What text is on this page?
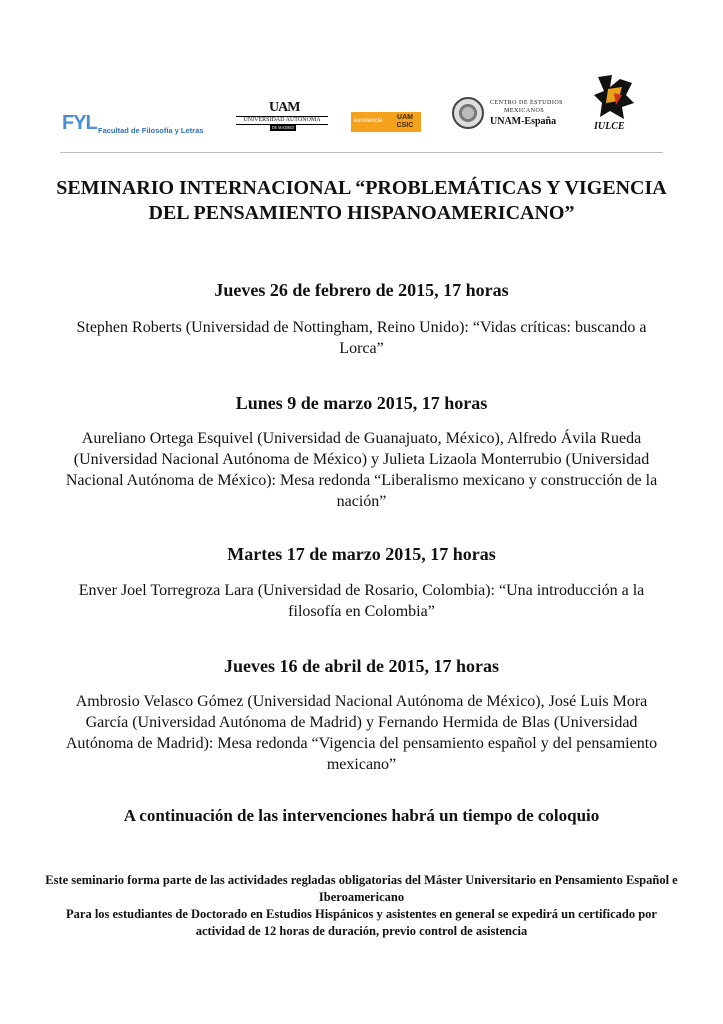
FYL Facultad de Filosofía y Letras
UAM
UNIVERSIDAD AUTONOMA
DE MADRID
excelencia	UAM CSIC
CENTRO DE ESTUDIOS
MEXICANOS
UNAM-España	IULCE
SEMINARIO INTERNACIONAL “PROBLEMÁTICAS Y VIGENCIA DEL PENSAMIENTO HISPANOAMERICANO”
Jueves 26 de febrero de 2015, 17 horas
Stephen Roberts (Universidad de Nottingham, Reino Unido): “Vidas críticas: buscando a Lorca”
Lunes 9 de marzo 2015, 17 horas
Aureliano Ortega Esquivel (Universidad de Guanajuato, México), Alfredo Ávila Rueda (Universidad Nacional Autónoma de México) y Julieta Lizaola Monterrubio (Universidad Nacional Autónoma de México): Mesa redonda “Liberalismo mexicano y construcción de la nación”
Martes 17 de marzo 2015, 17 horas
Enver Joel Torregroza Lara (Universidad de Rosario, Colombia): “Una introducción a la filosofía en Colombia”
Jueves 16 de abril de 2015, 17 horas
Ambrosio Velasco Gómez (Universidad Nacional Autónoma de México), José Luis Mora García (Universidad Autónoma de Madrid) y Fernando Hermida de Blas (Universidad Autónoma de Madrid): Mesa redonda “Vigencia del pensamiento español y del pensamiento mexicano”
A continuación de las intervenciones habrá un tiempo de coloquio
Este seminario forma parte de las actividades regladas obligatorias del Máster Universitario en Pensamiento Español e Iberoamericano
Para los estudiantes de Doctorado en Estudios Hispánicos y asistentes en general se expedirá un certificado por actividad de 12 horas de duración, previo control de asistencia
